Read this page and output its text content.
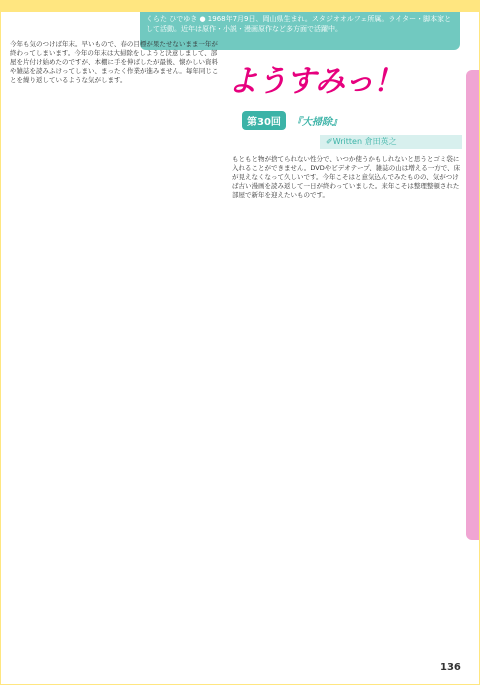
くらた ひでゆき ● 1968年7月9日、岡山県生まれ。スタジオオルフェ所属。ライター・脚本家として活動。近年は原作・小説・漫画原作など多方面で活躍中。
ようすみっ！
第30回	『大掃除』
✐Written 倉田英之
今年も気のつけば年末。早いもので、春の目標が果たせないまま一年が終わってしまいます。今年の年末は大掃除をしようと決意しまして、部屋を片付け始めたのですが、本棚に手を伸ばしたが最後、懐かしい資料や雑誌を読みふけってしまい、まったく作業が進みません。毎年同じことを繰り返しているような気がします。
もともと物が捨てられない性分で、いつか使うかもしれないと思うとゴミ袋に入れることができません。DVDやビデオテープ、雑誌の山は増える一方で、床が見えなくなって久しいです。今年こそはと意気込んでみたものの、気がつけば古い漫画を読み返して一日が終わっていました。来年こそは整理整頓された部屋で新年を迎えたいものです。
136
